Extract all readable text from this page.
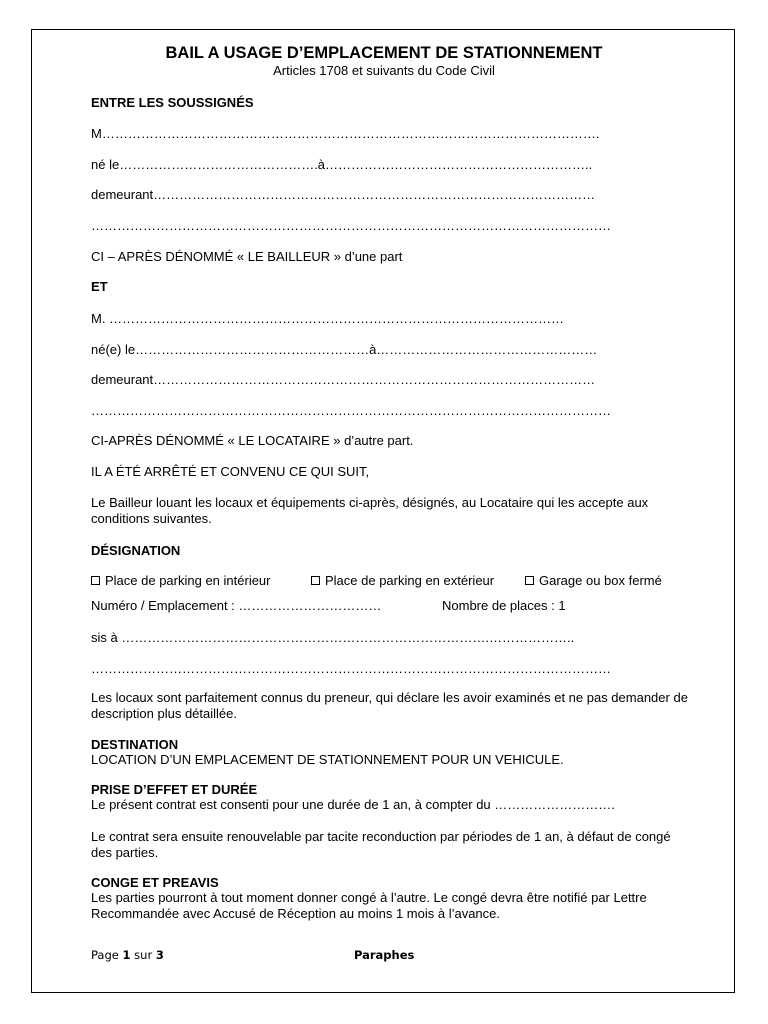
BAIL A USAGE D’EMPLACEMENT DE STATIONNEMENT
Articles 1708 et suivants du Code Civil
ENTRE LES SOUSSIGNÉS
M…………………………………………………………………………………………………….
né le……………………………………….à……………………………………………………..
demeurant…………………………………………………………………………………………
…………………………………………………………………………………………………………
CI – APRÈS DÉNOMMÉ « LE BAILLEUR » d’une part
ET
M. ……………………………………………………………………………………………
né(e) le………………………………………………à……………………………………………
demeurant…………………………………………………………………………………………
…………………………………………………………………………………………………………
CI-APRÈS DÉNOMMÉ « LE LOCATAIRE » d’autre part.
IL A ÉTÉ ARRÊTÉ ET CONVENU CE QUI SUIT,
Le Bailleur louant les locaux et équipements ci-après, désignés, au Locataire qui les accepte aux conditions suivantes.
DÉSIGNATION
Place de parking en intérieur	Place de parking en extérieur	Garage ou box fermé
Numéro / Emplacement : ……………………………	Nombre de places : 1
sis à ………………………………………………………………………….………………..
…………………………………………………………………………………………………………
Les locaux sont parfaitement connus du preneur, qui déclare les avoir examinés et ne pas demander de description plus détaillée.
DESTINATION
LOCATION D’UN EMPLACEMENT DE STATIONNEMENT POUR UN VEHICULE.
PRISE D’EFFET ET DURÉE
Le présent contrat est consenti pour une durée de 1 an, à compter du ……………………….
Le contrat sera ensuite renouvelable par tacite reconduction par périodes de 1 an, à défaut de congé des parties.
CONGE ET PREAVIS
Les parties pourront à tout moment donner congé à l’autre. Le congé devra être notifié par Lettre Recommandée avec Accusé de Réception au moins 1 mois à l’avance.
Page 1 sur 3	Paraphes
